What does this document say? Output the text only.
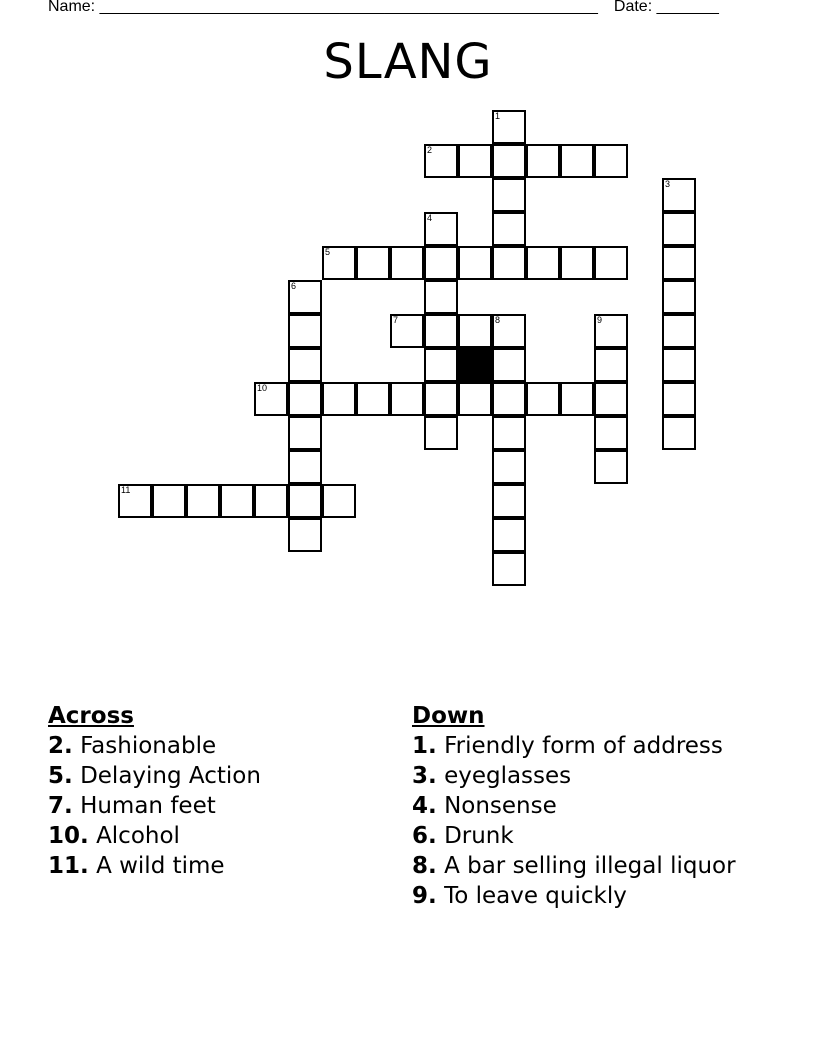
Name: ________________________________________________________ Date: _______
SLANG
1
2
3
4
5
6
7	8	9
10
11
Across
2. Fashionable
5. Delaying Action
7. Human feet
10. Alcohol
11. A wild time
Down
1. Friendly form of address
3. eyeglasses
4. Nonsense
6. Drunk
8. A bar selling illegal liquor
9. To leave quickly
